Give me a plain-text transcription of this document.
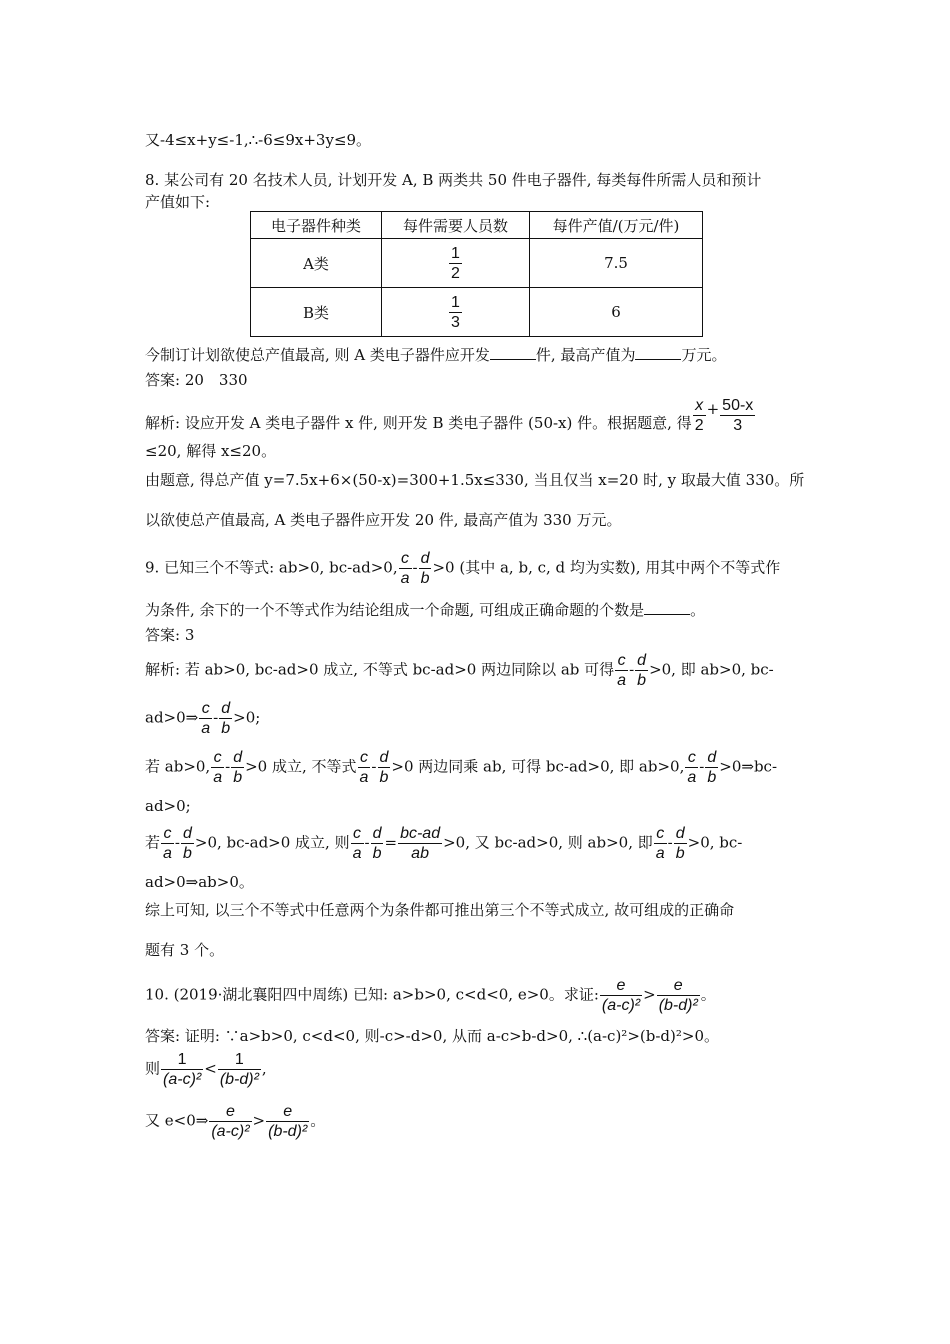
又-4≤x+y≤-1,∴-6≤9x+3y≤9。
8. 某公司有 20 名技术人员, 计划开发 A, B 两类共 50 件电子器件, 每类每件所需人员和预计
产值如下:
电子器件种类	每件需要人员数	每件产值/(万元/件)
A类	$\frac{1}{2}$	7.5
B类	$\frac{1}{3}$	6
今制订计划欲使总产值最高, 则 A 类电子器件应开发	件, 最高产值为	万元。
答案: 20　330
解析: 设应开发 A 类电子器件 x 件, 则开发 B 类电子器件 (50-x) 件。根据题意, 得 $\frac{x}{2} + \frac{50-x}{3}$
≤20, 解得 x≤20。
由题意, 得总产值 y=7.5x+6×(50-x)=300+1.5x≤330, 当且仅当 x=20 时, y 取最大值 330。所
以欲使总产值最高, A 类电子器件应开发 20 件, 最高产值为 330 万元。
9. 已知三个不等式: ab>0, bc-ad>0, $\frac{c}{a} - \frac{d}{b} >0$ (其中 a, b, c, d 均为实数), 用其中两个不等式作
为条件, 余下的一个不等式作为结论组成一个命题, 可组成正确命题的个数是	。
答案: 3
解析: 若 ab>0, bc-ad>0 成立, 不等式 bc-ad>0 两边同除以 ab 可得 $\frac{c}{a} - \frac{d}{b} >0$, 即 ab>0, bc-
ad>0⇒ $\frac{c}{a} - \frac{d}{b} >0$;
若 ab>0, $\frac{c}{a} - \frac{d}{b} >0$ 成立, 不等式 $\frac{c}{a} - \frac{d}{b} >0$ 两边同乘 ab, 可得 bc-ad>0, 即 ab>0, $\frac{c}{a} - \frac{d}{b}$ >0⇒bc-
ad>0;
若 $\frac{c}{a} - \frac{d}{b} >0$, bc-ad>0 成立, 则 $\frac{c}{a} - \frac{d}{b} = \frac{bc-ad}{ab} >0$, 又 bc-ad>0, 则 ab>0, 即 $\frac{c}{a} - \frac{d}{b} >0$, bc-
ad>0⇒ab>0。
综上可知, 以三个不等式中任意两个为条件都可推出第三个不等式成立, 故可组成的正确命
题有 3 个。
10. (2019·湖北襄阳四中周练) 已知: a>b>0, c<d<0, e>0。求证: $\frac{e}{\text{(a-c)²}} > \frac{e}{\text{(b-d)²}}$ 。
答案: 证明: ∵a>b>0, c<d<0, 则-c>-d>0, 从而 a-c>b-d>0, ∴(a-c)²>(b-d)²>0。
则 $\frac{1}{\text{(a-c)²}} < \frac{1}{\text{(b-d)²}}$ ,
又 e<0⇒ $\frac{e}{\text{(a-c)²}} > \frac{e}{\text{(b-d)²}}$ 。
